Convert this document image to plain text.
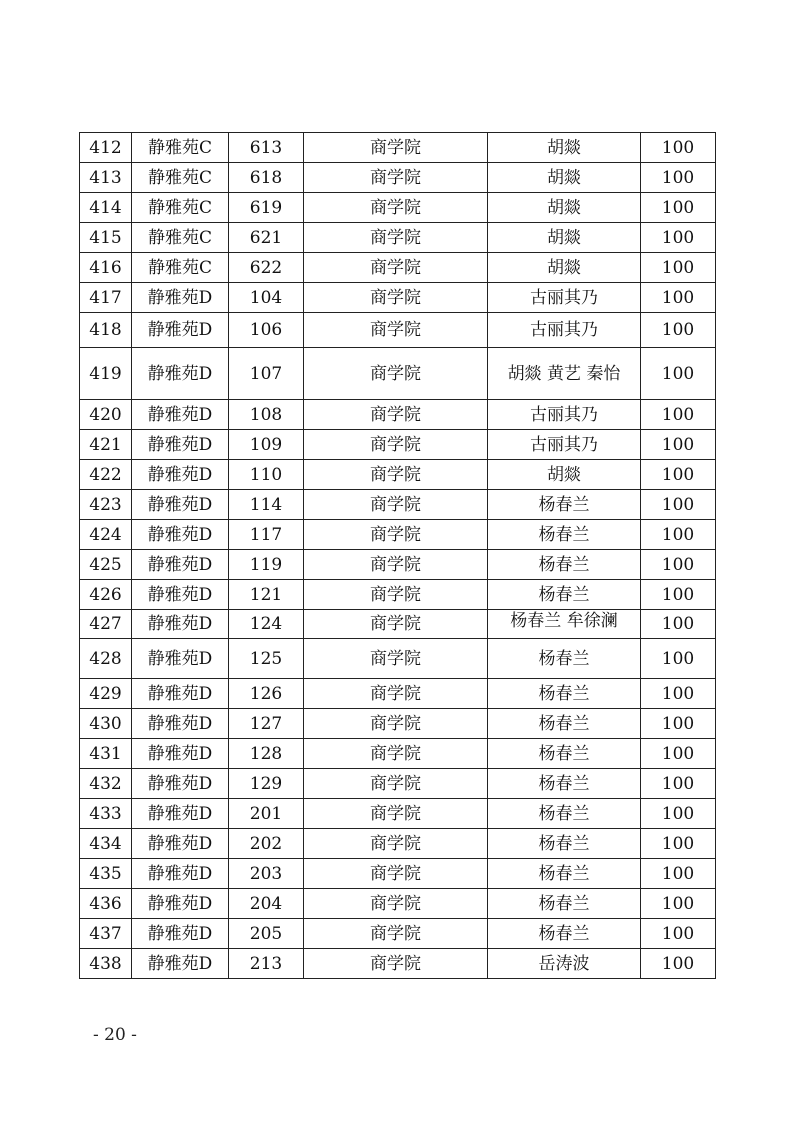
412	静雅苑C	613	商学院	胡燚	100
413	静雅苑C	618	商学院	胡燚	100
414	静雅苑C	619	商学院	胡燚	100
415	静雅苑C	621	商学院	胡燚	100
416	静雅苑C	622	商学院	胡燚	100
417	静雅苑D	104	商学院	古丽其乃	100
418	静雅苑D	106	商学院	古丽其乃	100
419	静雅苑D	107	商学院	胡燚 黄艺 秦怡	100
420	静雅苑D	108	商学院	古丽其乃	100
421	静雅苑D	109	商学院	古丽其乃	100
422	静雅苑D	110	商学院	胡燚	100
423	静雅苑D	114	商学院	杨春兰	100
424	静雅苑D	117	商学院	杨春兰	100
425	静雅苑D	119	商学院	杨春兰	100
426	静雅苑D	121	商学院	杨春兰	100
427	静雅苑D	124	商学院	杨春兰 牟徐澜	100
428	静雅苑D	125	商学院	杨春兰	100
429	静雅苑D	126	商学院	杨春兰	100
430	静雅苑D	127	商学院	杨春兰	100
431	静雅苑D	128	商学院	杨春兰	100
432	静雅苑D	129	商学院	杨春兰	100
433	静雅苑D	201	商学院	杨春兰	100
434	静雅苑D	202	商学院	杨春兰	100
435	静雅苑D	203	商学院	杨春兰	100
436	静雅苑D	204	商学院	杨春兰	100
437	静雅苑D	205	商学院	杨春兰	100
438	静雅苑D	213	商学院	岳涛波	100
- 20 -
